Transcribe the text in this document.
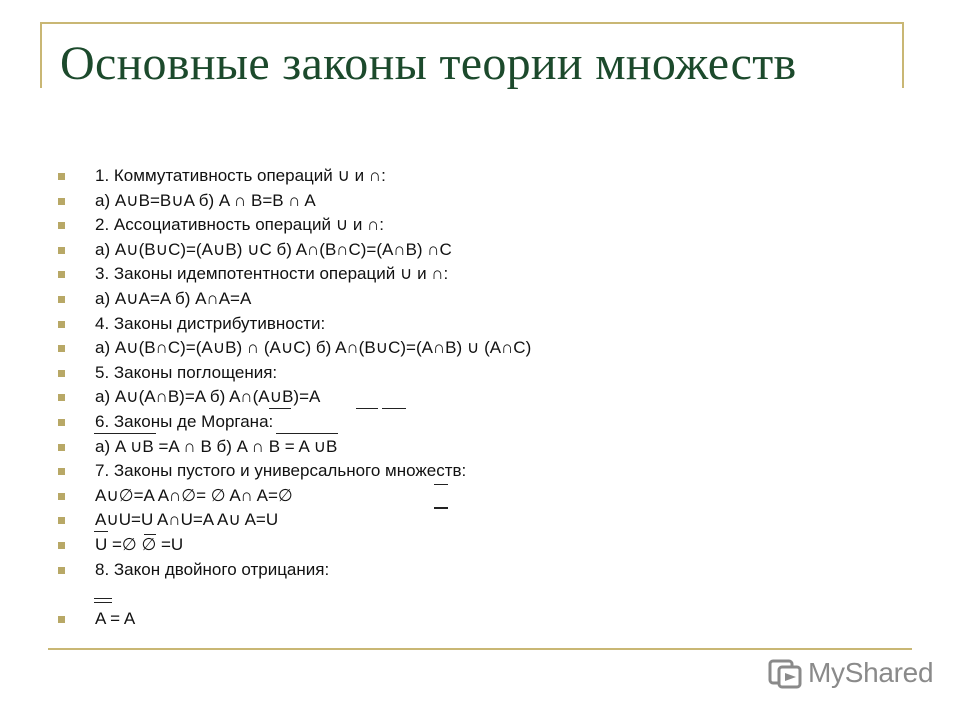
Основные законы теории множеств
1. Коммутативность операций ∪ и ∩:
а) A∪B=B∪A б) A ∩ B=B ∩ A
2. Ассоциативность операций ∪ и ∩:
а) A∪(B∪C)=(A∪B) ∪C б) A∩(B∩C)=(A∩B) ∩C
3. Законы идемпотентности операций ∪ и ∩:
а) A∪A=A б) A∩A=A
4. Законы дистрибутивности:
а) A∪(B∩C)=(A∪B) ∩ (A∪C) б) A∩(B∪C)=(A∩B) ∪ (A∩C)
5. Законы поглощения:
а) A∪(A∩B)=A б) A∩(A∪B)=A
6. Законы де Моргана:
а) A ∪B =A ∩ B б) A ∩ B = A ∪B
7. Законы пустого и универсального множеств:
A∪∅=A A∩∅= ∅ A∩ A=∅
A∪U=U A∩U=A A∪ A=U
U =∅ ∅ =U
8. Закон двойного отрицания:
A = A
MyShared
